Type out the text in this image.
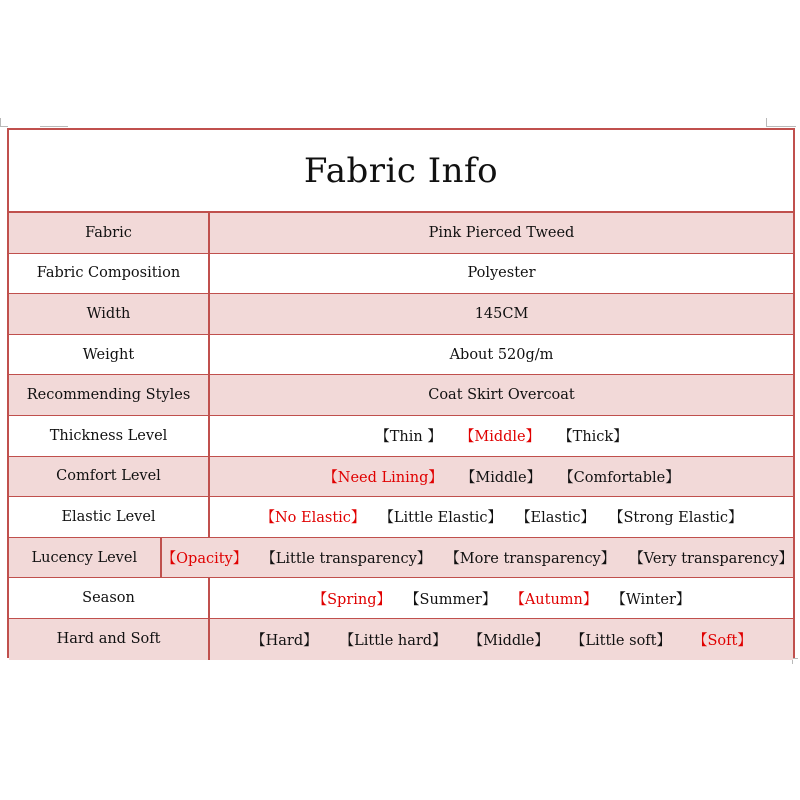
Fabric Info
Fabric	Pink Pierced Tweed
Fabric Composition	Polyester
Width	145CM
Weight	About 520g/m
Recommending Styles	Coat Skirt Overcoat
Thickness Level	【Thin 】 【Middle】 【Thick】
Comfort Level	【Need Lining】 【Middle】 【Comfortable】
Elastic Level	【No Elastic】 【Little Elastic】 【Elastic】 【Strong Elastic】
Lucency Level	【Opacity】 【Little transparency】 【More transparency】 【Very transparency】
Season	【Spring】 【Summer】 【Autumn】 【Winter】
Hard and Soft	【Hard】 【Little hard】 【Middle】 【Little soft】 【Soft】
